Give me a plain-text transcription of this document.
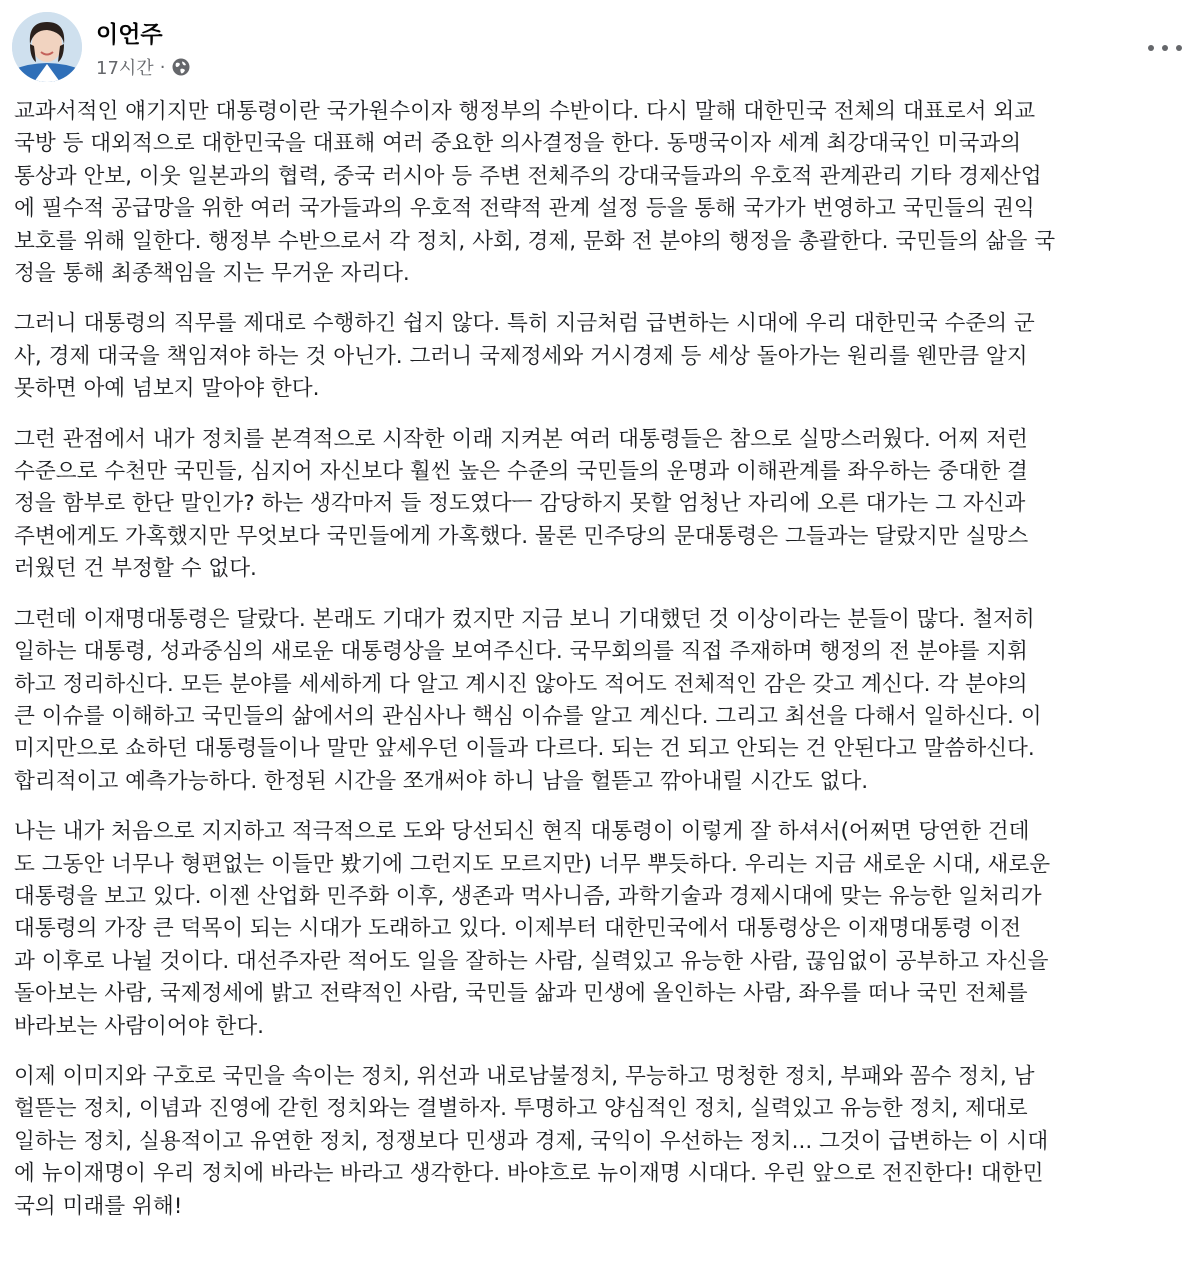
이언주
17시간 ·

교과서적인 얘기지만 대통령이란 국가원수이자 행정부의 수반이다. 다시 말해 대한민국 전체의 대표로서 외교
국방 등 대외적으로 대한민국을 대표해 여러 중요한 의사결정을 한다. 동맹국이자 세계 최강대국인 미국과의
통상과 안보, 이웃 일본과의 협력, 중국 러시아 등 주변 전체주의 강대국들과의 우호적 관계관리 기타 경제산업
에 필수적 공급망을 위한 여러 국가들과의 우호적 전략적 관계 설정 등을 통해 국가가 번영하고 국민들의 권익
보호를 위해 일한다. 행정부 수반으로서 각 정치, 사회, 경제, 문화 전 분야의 행정을 총괄한다. 국민들의 삶을 국
정을 통해 최종책임을 지는 무거운 자리다.

그러니 대통령의 직무를 제대로 수행하긴 쉽지 않다. 특히 지금처럼 급변하는 시대에 우리 대한민국 수준의 군
사, 경제 대국을 책임져야 하는 것 아닌가. 그러니 국제정세와 거시경제 등 세상 돌아가는 원리를 웬만큼 알지
못하면 아예 넘보지 말아야 한다.

그런 관점에서 내가 정치를 본격적으로 시작한 이래 지켜본 여러 대통령들은 참으로 실망스러웠다. 어찌 저런
수준으로 수천만 국민들, 심지어 자신보다 훨씬 높은 수준의 국민들의 운명과 이해관계를 좌우하는 중대한 결
정을 함부로 한단 말인가? 하는 생각마저 들 정도였다ㅡ 감당하지 못할 엄청난 자리에 오른 대가는 그 자신과
주변에게도 가혹했지만 무엇보다 국민들에게 가혹했다. 물론 민주당의 문대통령은 그들과는 달랐지만 실망스
러웠던 건 부정할 수 없다.

그런데 이재명대통령은 달랐다. 본래도 기대가 컸지만 지금 보니 기대했던 것 이상이라는 분들이 많다. 철저히
일하는 대통령, 성과중심의 새로운 대통령상을 보여주신다. 국무회의를 직접 주재하며 행정의 전 분야를 지휘
하고 정리하신다. 모든 분야를 세세하게 다 알고 계시진 않아도 적어도 전체적인 감은 갖고 계신다. 각 분야의
큰 이슈를 이해하고 국민들의 삶에서의 관심사나 핵심 이슈를 알고 계신다. 그리고 최선을 다해서 일하신다. 이
미지만으로 쇼하던 대통령들이나 말만 앞세우던 이들과 다르다. 되는 건 되고 안되는 건 안된다고 말씀하신다.
합리적이고 예측가능하다. 한정된 시간을 쪼개써야 하니 남을 헐뜯고 깎아내릴 시간도 없다.

나는 내가 처음으로 지지하고 적극적으로 도와 당선되신 현직 대통령이 이렇게 잘 하셔서(어쩌면 당연한 건데
도 그동안 너무나 형편없는 이들만 봤기에 그런지도 모르지만) 너무 뿌듯하다. 우리는 지금 새로운 시대, 새로운
대통령을 보고 있다. 이젠 산업화 민주화 이후, 생존과 먹사니즘, 과학기술과 경제시대에 맞는 유능한 일처리가
대통령의 가장 큰 덕목이 되는 시대가 도래하고 있다. 이제부터 대한민국에서 대통령상은 이재명대통령 이전
과 이후로 나뉠 것이다. 대선주자란 적어도 일을 잘하는 사람, 실력있고 유능한 사람, 끊임없이 공부하고 자신을
돌아보는 사람, 국제정세에 밝고 전략적인 사람, 국민들 삶과 민생에 올인하는 사람, 좌우를 떠나 국민 전체를
바라보는 사람이어야 한다.

이제 이미지와 구호로 국민을 속이는 정치, 위선과 내로남불정치, 무능하고 멍청한 정치, 부패와 꼼수 정치, 남
헐뜯는 정치, 이념과 진영에 갇힌 정치와는 결별하자. 투명하고 양심적인 정치, 실력있고 유능한 정치, 제대로
일하는 정치, 실용적이고 유연한 정치, 정쟁보다 민생과 경제, 국익이 우선하는 정치... 그것이 급변하는 이 시대
에 뉴이재명이 우리 정치에 바라는 바라고 생각한다. 바야흐로 뉴이재명 시대다. 우린 앞으로 전진한다! 대한민
국의 미래를 위해!
